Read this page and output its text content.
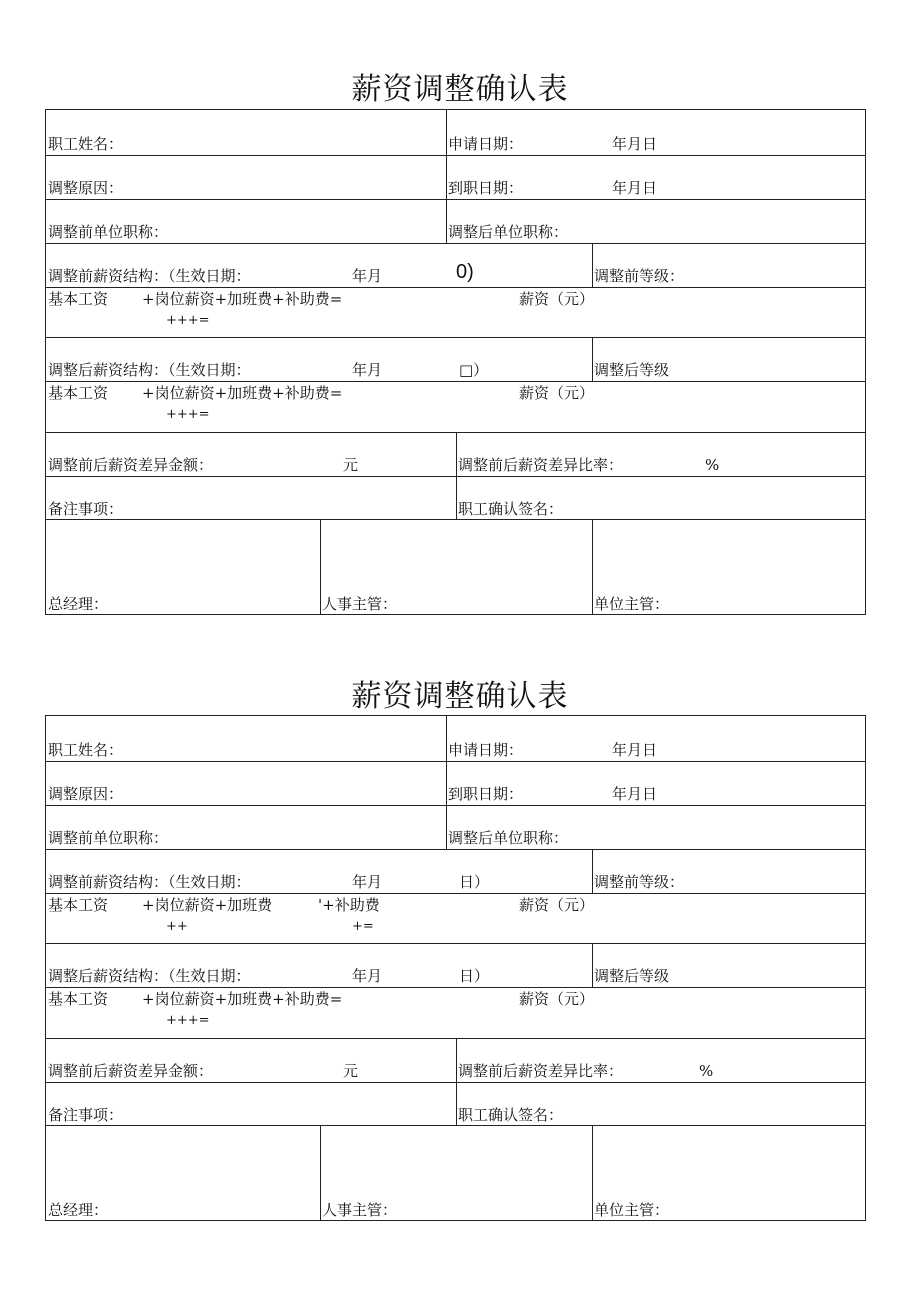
薪资调整确认表
职工姓名：	申请日期：	年月日
调整原因：	到职日期：	年月日
调整前单位职称：	调整后单位职称：
调整前薪资结构：（生效日期：	年月	0)	调整前等级：
基本工资 +岗位薪资+加班费+补助费=	薪资（元）
+++=
调整后薪资结构：（生效日期：	年月	□）	调整后等级
基本工资 +岗位薪资+加班费+补助费=	薪资（元）
+++=
调整前后薪资差异金额：	元	调整前后薪资差异比率：	%
备注事项：	职工确认签名：
总经理：	人事主管：	单位主管：
薪资调整确认表
职工姓名：	申请日期：	年月日
调整原因：	到职日期：	年月日
调整前单位职称：	调整后单位职称：
调整前薪资结构：（生效日期：	年月	日）	调整前等级：
基本工资 +岗位薪资+加班费	'+补助费	薪资（元）
++	+=
调整后薪资结构：（生效日期：	年月	日）	调整后等级
基本工资 +岗位薪资+加班费+补助费=	薪资（元）
+++=
调整前后薪资差异金额：	元	调整前后薪资差异比率：	%
备注事项：	职工确认签名：
总经理：	人事主管：	单位主管：
